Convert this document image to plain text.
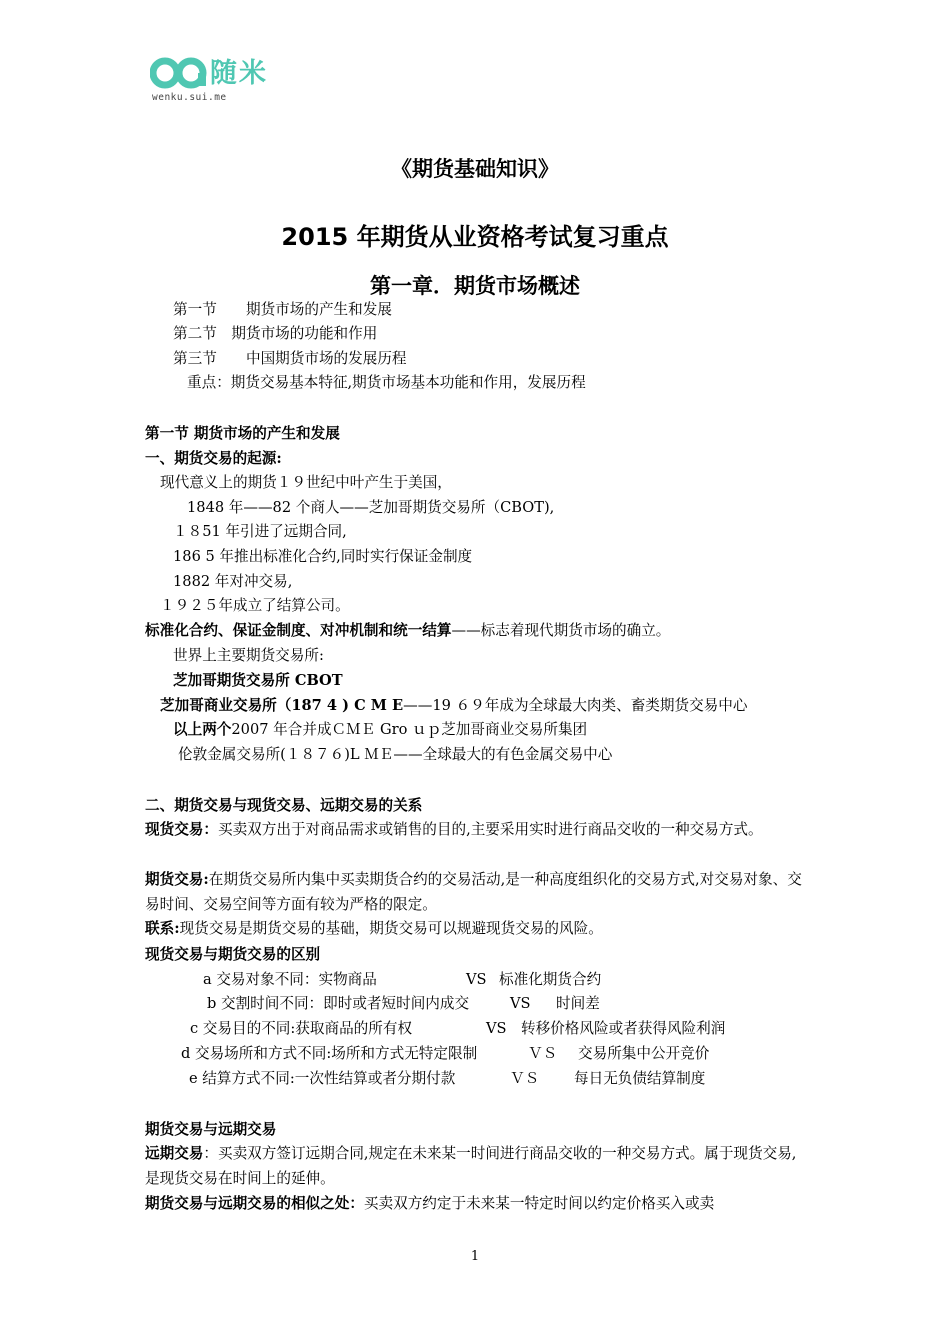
随米
wenku.sui.me
《期货基础知识》
2015 年期货从业资格考试复习重点
第一章．期货市场概述
第一节　　期货市场的产生和发展
第二节　期货市场的功能和作用
第三节　　中国期货市场的发展历程
重点：期货交易基本特征,期货市场基本功能和作用，发展历程
第一节 期货市场的产生和发展
一、期货交易的起源:
现代意义上的期货１９世纪中叶产生于美国，
1848 年——82 个商人——芝加哥期货交易所（CBOT),
１８51 年引进了远期合同,
186 5 年推出标准化合约,同时实行保证金制度
1882 年对冲交易,
１９２５年成立了结算公司。
标准化合约、保证金制度、对冲机制和统一结算——标志着现代期货市场的确立。
世界上主要期货交易所:
芝加哥期货交易所 CBOT
芝加哥商业交易所（187 4 ) C M E——19 ６９年成为全球最大肉类、畜类期货交易中心
以上两个2007 年合并成ＣＭＥ Gro ｕｐ芝加哥商业交易所集团
伦敦金属交易所(１８７６)L ＭＥ——全球最大的有色金属交易中心
二、期货交易与现货交易、远期交易的关系
现货交易：买卖双方出于对商品需求或销售的目的,主要采用实时进行商品交收的一种交易方式。
期货交易:在期货交易所内集中买卖期货合约的交易活动,是一种高度组织化的交易方式,对交易对象、交易时间、交易空间等方面有较为严格的限定。
联系:现货交易是期货交易的基础，期货交易可以规避现货交易的风险。
现货交易与期货交易的区别
a 交易对象不同：实物商品	VS 标准化期货合约
b 交割时间不同：即时或者短时间内成交	VS 时间差
c 交易目的不同:获取商品的所有权	VS 转移价格风险或者获得风险利润
d 交易场所和方式不同:场所和方式无特定限制	ＶＳ 交易所集中公开竞价
e 结算方式不同:一次性结算或者分期付款	ＶＳ 每日无负债结算制度
期货交易与远期交易
远期交易：买卖双方签订远期合同,规定在未来某一时间进行商品交收的一种交易方式。属于现货交易,是现货交易在时间上的延伸。
期货交易与远期交易的相似之处：买卖双方约定于未来某一特定时间以约定价格买入或卖
1
